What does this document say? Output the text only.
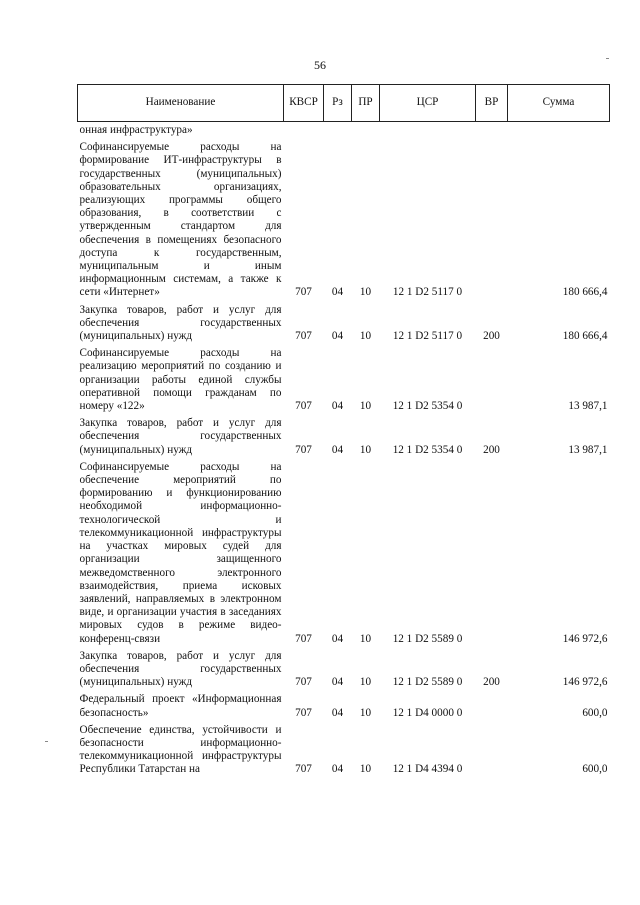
56
Наименование	КВСР	Рз	ПР	ЦСР	ВР	Сумма

онная инфраструктура»						

Софинансируемые расходы на формирование ИТ-инфраструктуры в государственных (муниципальных) образовательных организациях, реализующих программы общего образования, в соответствии с утвержденным стандартом для обеспечения в помещениях безопасного доступа к государственным, муниципальным и иным информационным системам, а также к сети «Интернет»	707	04	10	12 1 D2 5117 0		180 666,4

Закупка товаров, работ и услуг для обеспечения государственных (муниципальных) нужд	707	04	10	12 1 D2 5117 0	200	180 666,4

Софинансируемые расходы на реализацию мероприятий по созданию и организации работы единой службы оперативной помощи гражданам по номеру «122»	707	04	10	12 1 D2 5354 0		13 987,1

Закупка товаров, работ и услуг для обеспечения государственных (муниципальных) нужд	707	04	10	12 1 D2 5354 0	200	13 987,1

Софинансируемые расходы на обеспечение мероприятий по формированию и функционированию необходимой информационно-технологической и телекоммуникационной инфраструктуры на участках мировых судей для организации защищенного межведомственного электронного взаимодействия, приема исковых заявлений, направляемых в электронном виде, и организации участия в заседаниях мировых судов в режиме видео-конференц-связи	707	04	10	12 1 D2 5589 0		146 972,6

Закупка товаров, работ и услуг для обеспечения государственных (муниципальных) нужд	707	04	10	12 1 D2 5589 0	200	146 972,6

Федеральный проект «Информационная безопасность»	707	04	10	12 1 D4 0000 0		600,0

Обеспечение единства, устойчивости и безопасности информационно-телекоммуникационной инфраструктуры Республики Татарстан на	707	04	10	12 1 D4 4394 0		600,0
